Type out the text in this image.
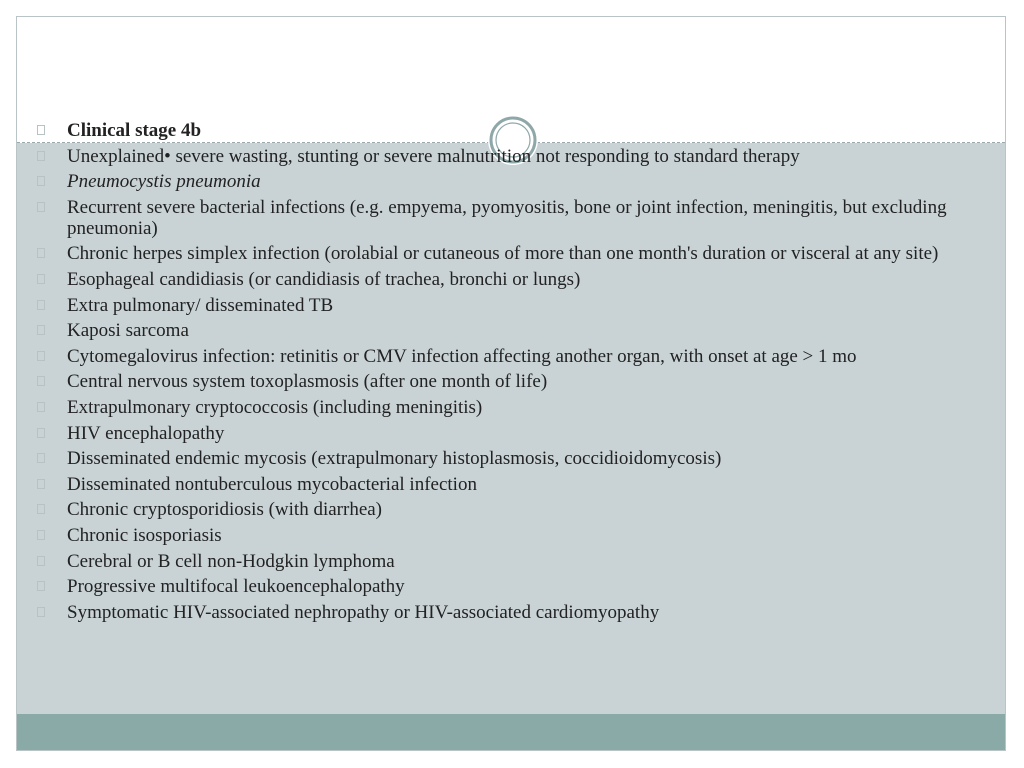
Clinical stage 4b
Unexplained• severe wasting, stunting or severe malnutrition not responding to standard therapy
Pneumocystis pneumonia
Recurrent severe bacterial infections (e.g. empyema, pyomyositis, bone or joint infection, meningitis, but excluding pneumonia)
Chronic herpes simplex infection (orolabial or cutaneous of more than one month's duration or visceral at any site)
Esophageal candidiasis (or candidiasis of trachea, bronchi or lungs)
Extra pulmonary/ disseminated TB
Kaposi sarcoma
Cytomegalovirus infection: retinitis or CMV infection affecting another organ, with onset at age > 1 mo
Central nervous system toxoplasmosis (after one month of life)
Extrapulmonary cryptococcosis (including meningitis)
HIV encephalopathy
Disseminated endemic mycosis (extrapulmonary histoplasmosis, coccidioidomycosis)
Disseminated nontuberculous mycobacterial infection
Chronic cryptosporidiosis (with diarrhea)
Chronic isosporiasis
Cerebral or B cell non-Hodgkin lymphoma
Progressive multifocal leukoencephalopathy
Symptomatic HIV-associated nephropathy or HIV-associated cardiomyopathy
